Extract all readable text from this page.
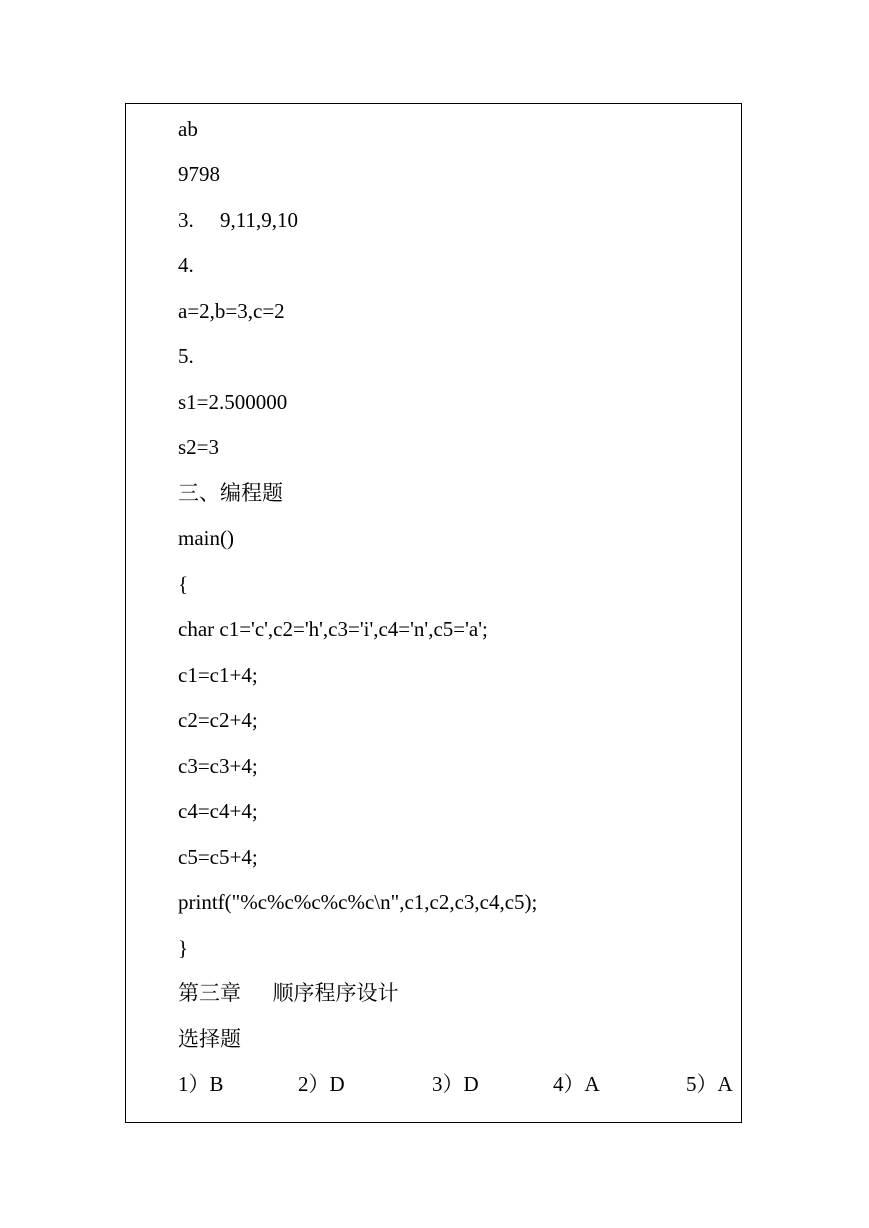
ab
9798
3.     9,11,9,10
4.
a=2,b=3,c=2
5.
s1=2.500000
s2=3
三、编程题
main()
{
char c1='c',c2='h',c3='i',c4='n',c5='a';
c1=c1+4;
c2=c2+4;
c3=c3+4;
c4=c4+4;
c5=c5+4;
printf("%c%c%c%c%c\n",c1,c2,c3,c4,c5);
}
第三章      顺序程序设计
选择题
1）B	2）D	3）D	4）A	5）A
